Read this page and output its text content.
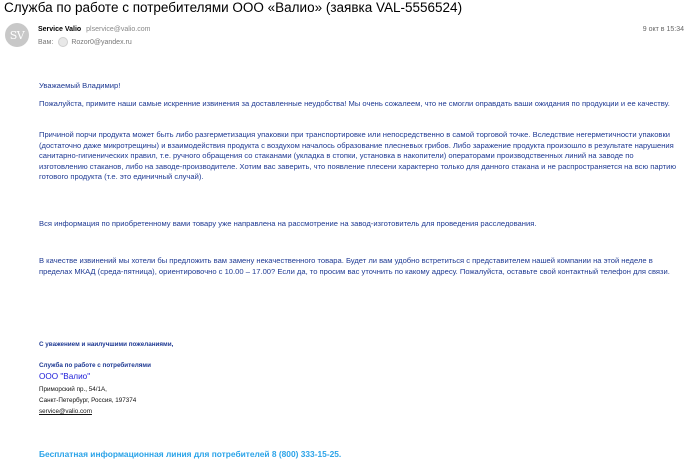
Служба по работе с потребителями ООО «Валио» (заявка VAL-5556524)
SV	Service Valio plservice@valio.com
Вам:	Rozor0@yandex.ru
9 окт в 15:34
Уважаемый Владимир!
Пожалуйста, примите наши самые искренние извинения за доставленные неудобства! Мы очень сожалеем, что не смогли оправдать ваши ожидания по продукции и ее качеству.
Причиной порчи продукта может быть либо разгерметизация упаковки при транспортировке или непосредственно в самой торговой точке. Вследствие негерметичности упаковки (достаточно даже микротрещины) и взаимодействия продукта с воздухом началось образование плесневых грибов. Либо заражение продукта произошло в результате нарушения санитарно-гигиенических правил, т.е. ручного обращения со стаканами (укладка в стопки, установка в накопители) операторами производственных линий на заводе по изготовлению стаканов, либо на заводе-производителе. Хотим вас заверить, что появление плесени характерно только для данного стакана и не распространяется на всю партию готового продукта (т.е. это единичный случай).
Вся информация по приобретенному вами товару уже направлена на рассмотрение на завод-изготовитель для проведения расследования.
В качестве извинений мы хотели бы предложить вам замену некачественного товара. Будет ли вам удобно встретиться с представителем нашей компании на этой неделе в пределах МКАД (среда-пятница), ориентировочно с 10.00 – 17.00? Если да, то просим вас уточнить по какому адресу. Пожалуйста, оставьте свой контактный телефон для связи.
С уважением и наилучшими пожеланиями,
Служба по работе с потребителями
ООО "Валио"
Приморский пр., 54/1А,
Санкт-Петербург, Россия, 197374
service@valio.com
Бесплатная информационная линия для потребителей 8 (800) 333-15-25.
